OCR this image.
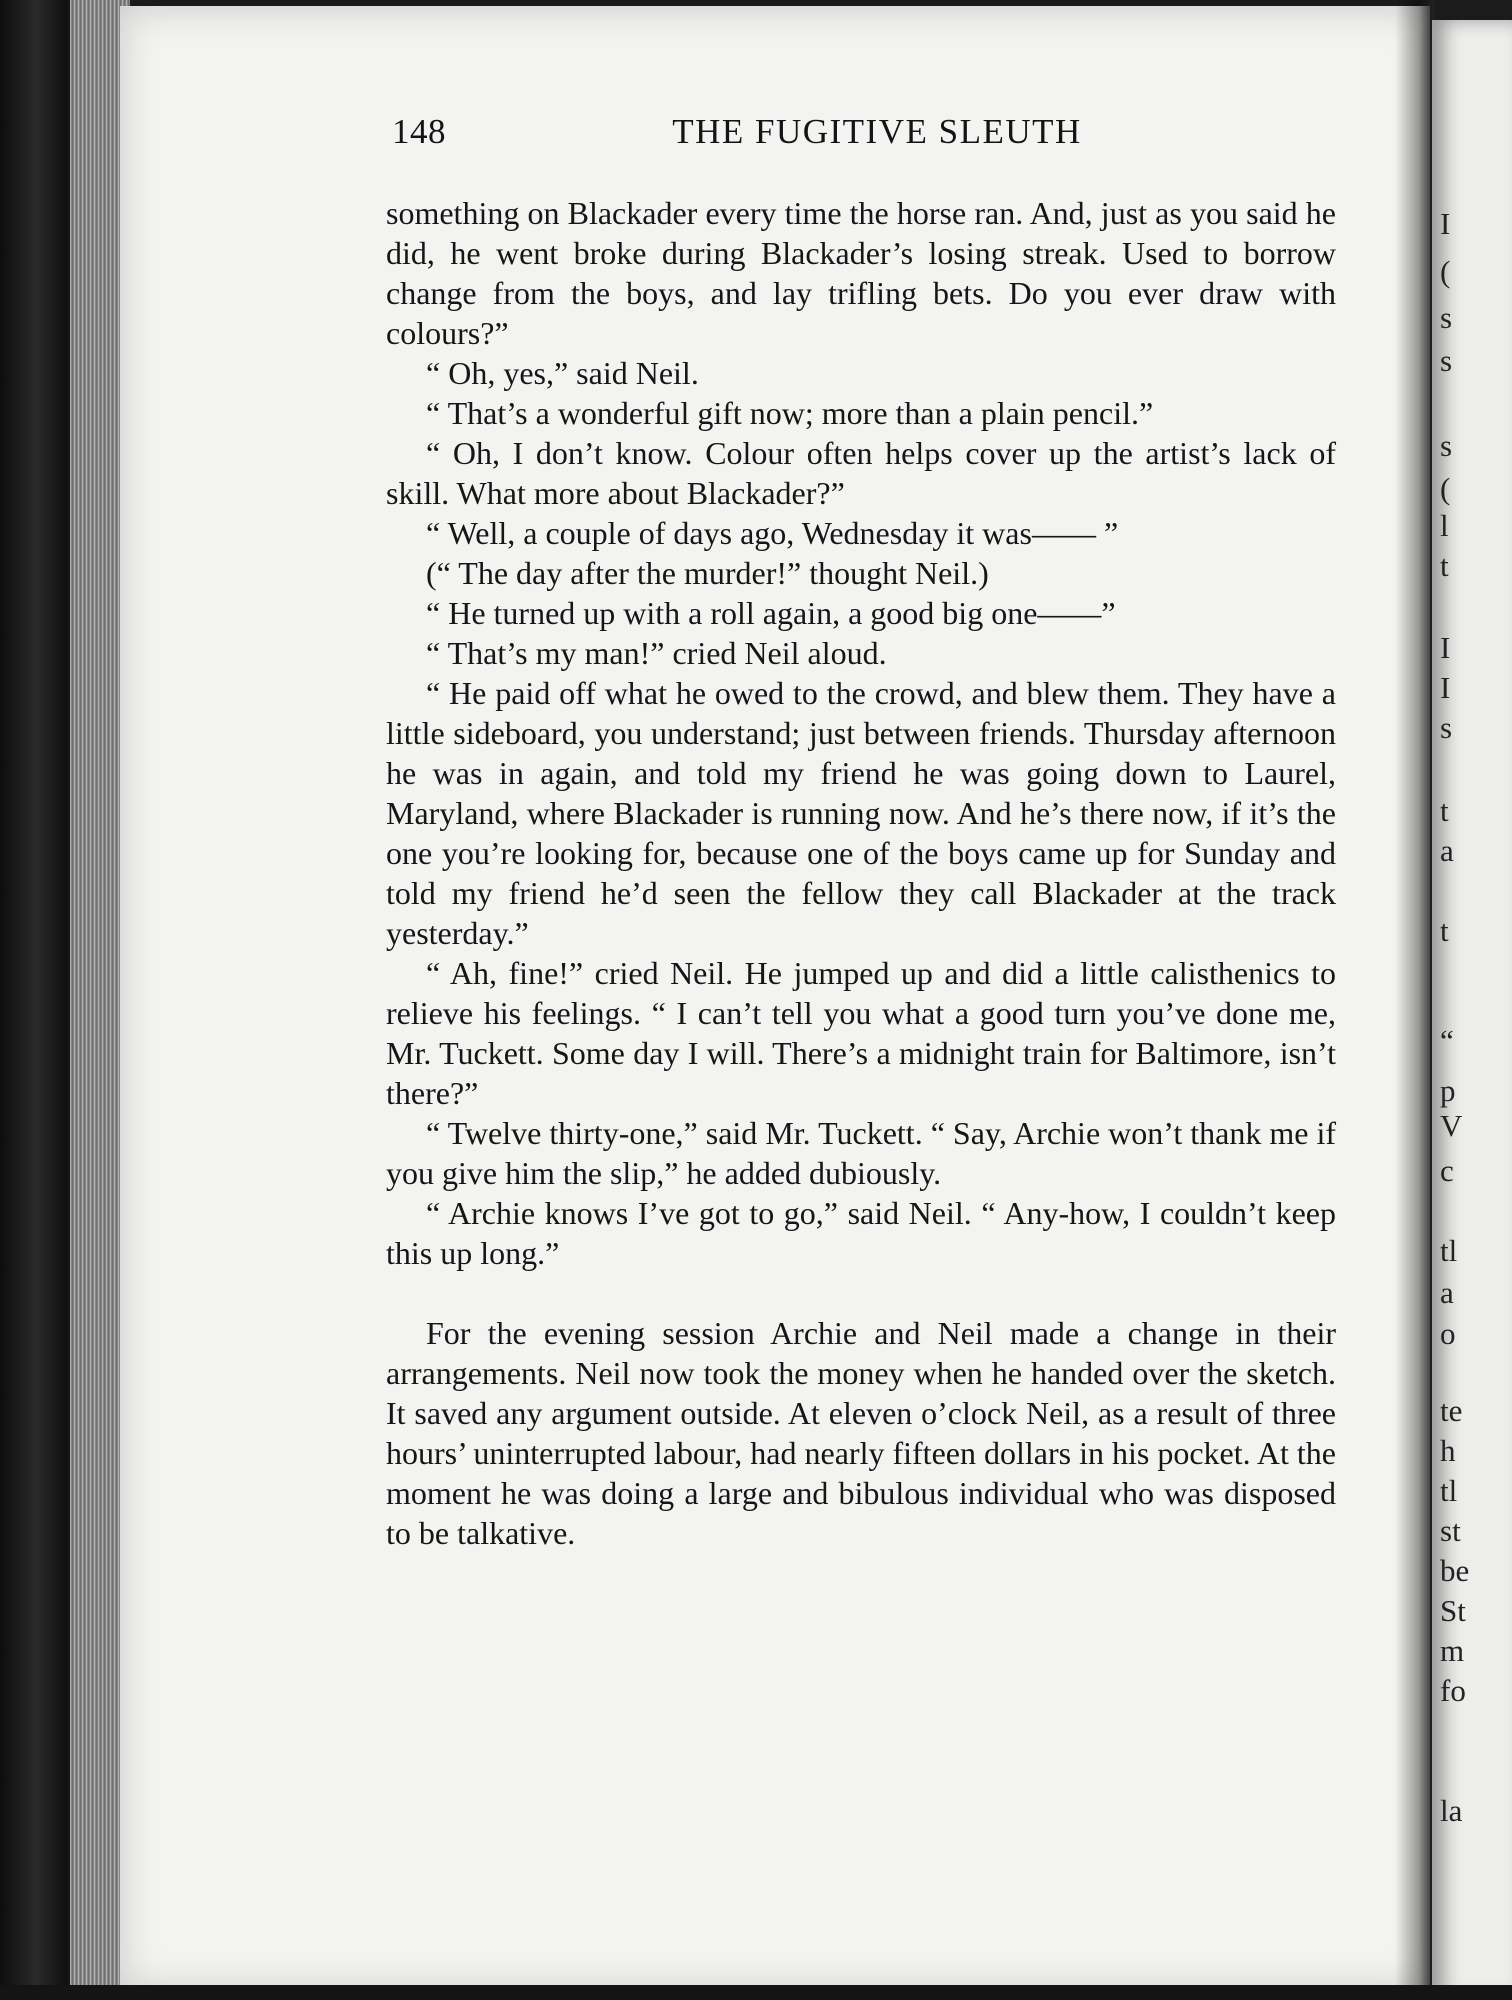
148	THE FUGITIVE SLEUTH

something on Blackader every time the horse ran. And, just as you said he did, he went broke during Blackader’s losing streak. Used to borrow change from the boys, and lay trifling bets. Do you ever draw with colours?”

“ Oh, yes,” said Neil.

“ That’s a wonderful gift now; more than a plain pencil.”

“ Oh, I don’t know. Colour often helps cover up the artist’s lack of skill. What more about Blackader?”

“ Well, a couple of days ago, Wednesday it was—— ”

(“ The day after the murder!” thought Neil.)

“ He turned up with a roll again, a good big one——”

“ That’s my man!” cried Neil aloud.

“ He paid off what he owed to the crowd, and blew them. They have a little sideboard, you understand; just between friends. Thursday afternoon he was in again, and told my friend he was going down to Laurel, Maryland, where Blackader is running now. And he’s there now, if it’s the one you’re looking for, because one of the boys came up for Sunday and told my friend he’d seen the fellow they call Blackader at the track yesterday.”

“ Ah, fine!” cried Neil. He jumped up and did a little calisthenics to relieve his feelings. “ I can’t tell you what a good turn you’ve done me, Mr. Tuckett. Some day I will. There’s a midnight train for Baltimore, isn’t there?”

“ Twelve thirty-one,” said Mr. Tuckett. “ Say, Archie won’t thank me if you give him the slip,” he added dubiously.

“ Archie knows I’ve got to go,” said Neil. “ Any-how, I couldn’t keep this up long.”

For the evening session Archie and Neil made a change in their arrangements. Neil now took the money when he handed over the sketch. It saved any argument outside. At eleven o’clock Neil, as a result of three hours’ uninterrupted labour, had nearly fifteen dollars in his pocket. At the moment he was doing a large and bibulous individual who was disposed to be talkative.

I
(
s
s
s
(
l
t
I
I
s
t
a
t
“
p
V
c
tl
a
o
te
h
tl
st
be
St
m
fo
la
